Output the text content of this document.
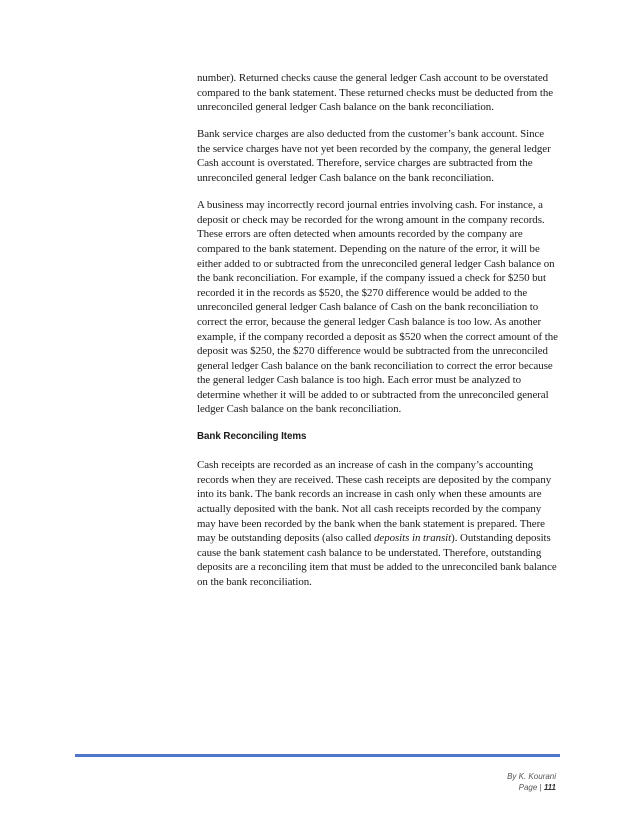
number). Returned checks cause the general ledger Cash account to be overstated compared to the bank statement. These returned checks must be deducted from the unreconciled general ledger Cash balance on the bank reconciliation.

Bank service charges are also deducted from the customer’s bank account. Since the service charges have not yet been recorded by the company, the general ledger Cash account is overstated. Therefore, service charges are subtracted from the unreconciled general ledger Cash balance on the bank reconciliation.

A business may incorrectly record journal entries involving cash. For instance, a deposit or check may be recorded for the wrong amount in the company records. These errors are often detected when amounts recorded by the company are compared to the bank statement. Depending on the nature of the error, it will be either added to or subtracted from the unreconciled general ledger Cash balance on the bank reconciliation. For example, if the company issued a check for $250 but recorded it in the records as $520, the $270 difference would be added to the unreconciled general ledger Cash balance of Cash on the bank reconciliation to correct the error, because the general ledger Cash balance is too low. As another example, if the company recorded a deposit as $520 when the correct amount of the deposit was $250, the $270 difference would be subtracted from the unreconciled general ledger Cash balance on the bank reconciliation to correct the error because the general ledger Cash balance is too high. Each error must be analyzed to determine whether it will be added to or subtracted from the unreconciled general ledger Cash balance on the bank reconciliation.

Bank Reconciling Items

Cash receipts are recorded as an increase of cash in the company’s accounting records when they are received. These cash receipts are deposited by the company into its bank. The bank records an increase in cash only when these amounts are actually deposited with the bank. Not all cash receipts recorded by the company may have been recorded by the bank when the bank statement is prepared. There may be outstanding deposits (also called deposits in transit). Outstanding deposits cause the bank statement cash balance to be understated. Therefore, outstanding deposits are a reconciling item that must be added to the unreconciled bank balance on the bank reconciliation.

By K. Kourani
Page | 111
